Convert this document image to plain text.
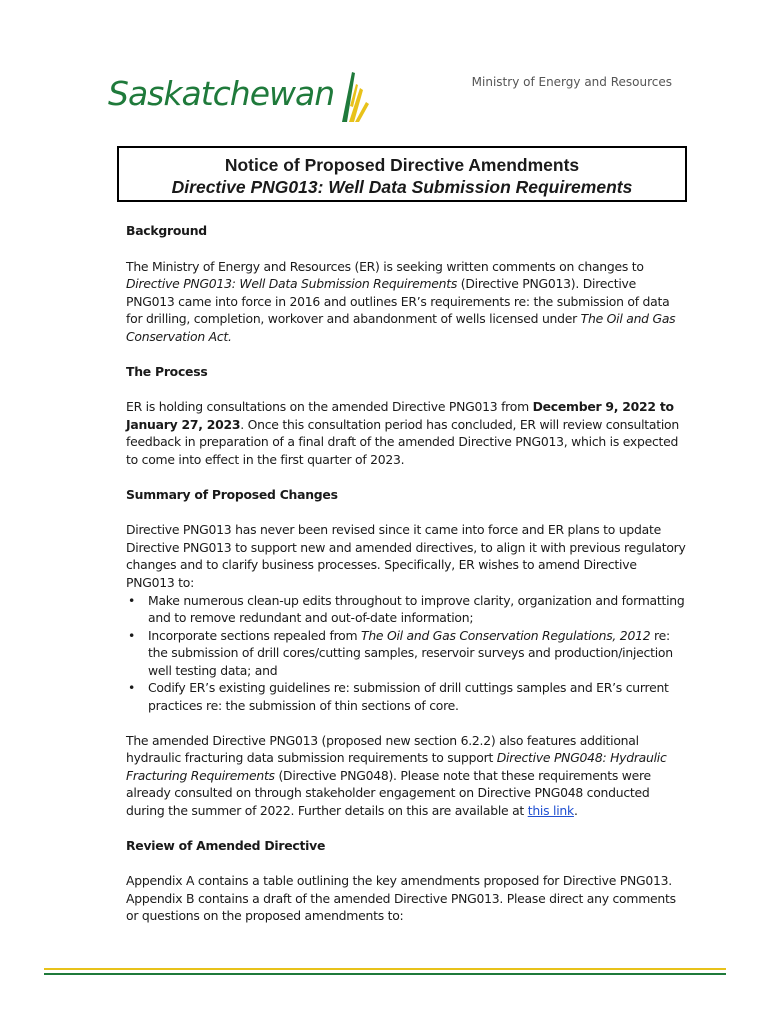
Saskatchewan	Ministry of Energy and Resources
Notice of Proposed Directive Amendments
Directive PNG013: Well Data Submission Requirements

Background

The Ministry of Energy and Resources (ER) is seeking written comments on changes to Directive PNG013: Well Data Submission Requirements (Directive PNG013). Directive PNG013 came into force in 2016 and outlines ER’s requirements re: the submission of data for drilling, completion, workover and abandonment of wells licensed under The Oil and Gas Conservation Act.

The Process

ER is holding consultations on the amended Directive PNG013 from December 9, 2022 to January 27, 2023. Once this consultation period has concluded, ER will review consultation feedback in preparation of a final draft of the amended Directive PNG013, which is expected to come into effect in the first quarter of 2023.

Summary of Proposed Changes

Directive PNG013 has never been revised since it came into force and ER plans to update Directive PNG013 to support new and amended directives, to align it with previous regulatory changes and to clarify business processes. Specifically, ER wishes to amend Directive PNG013 to:

• Make numerous clean-up edits throughout to improve clarity, organization and formatting and to remove redundant and out-of-date information;
• Incorporate sections repealed from The Oil and Gas Conservation Regulations, 2012 re: the submission of drill cores/cutting samples, reservoir surveys and production/injection well testing data; and
• Codify ER’s existing guidelines re: submission of drill cuttings samples and ER’s current practices re: the submission of thin sections of core.

The amended Directive PNG013 (proposed new section 6.2.2) also features additional hydraulic fracturing data submission requirements to support Directive PNG048: Hydraulic Fracturing Requirements (Directive PNG048). Please note that these requirements were already consulted on through stakeholder engagement on Directive PNG048 conducted during the summer of 2022. Further details on this are available at this link.

Review of Amended Directive

Appendix A contains a table outlining the key amendments proposed for Directive PNG013. Appendix B contains a draft of the amended Directive PNG013. Please direct any comments or questions on the proposed amendments to:
